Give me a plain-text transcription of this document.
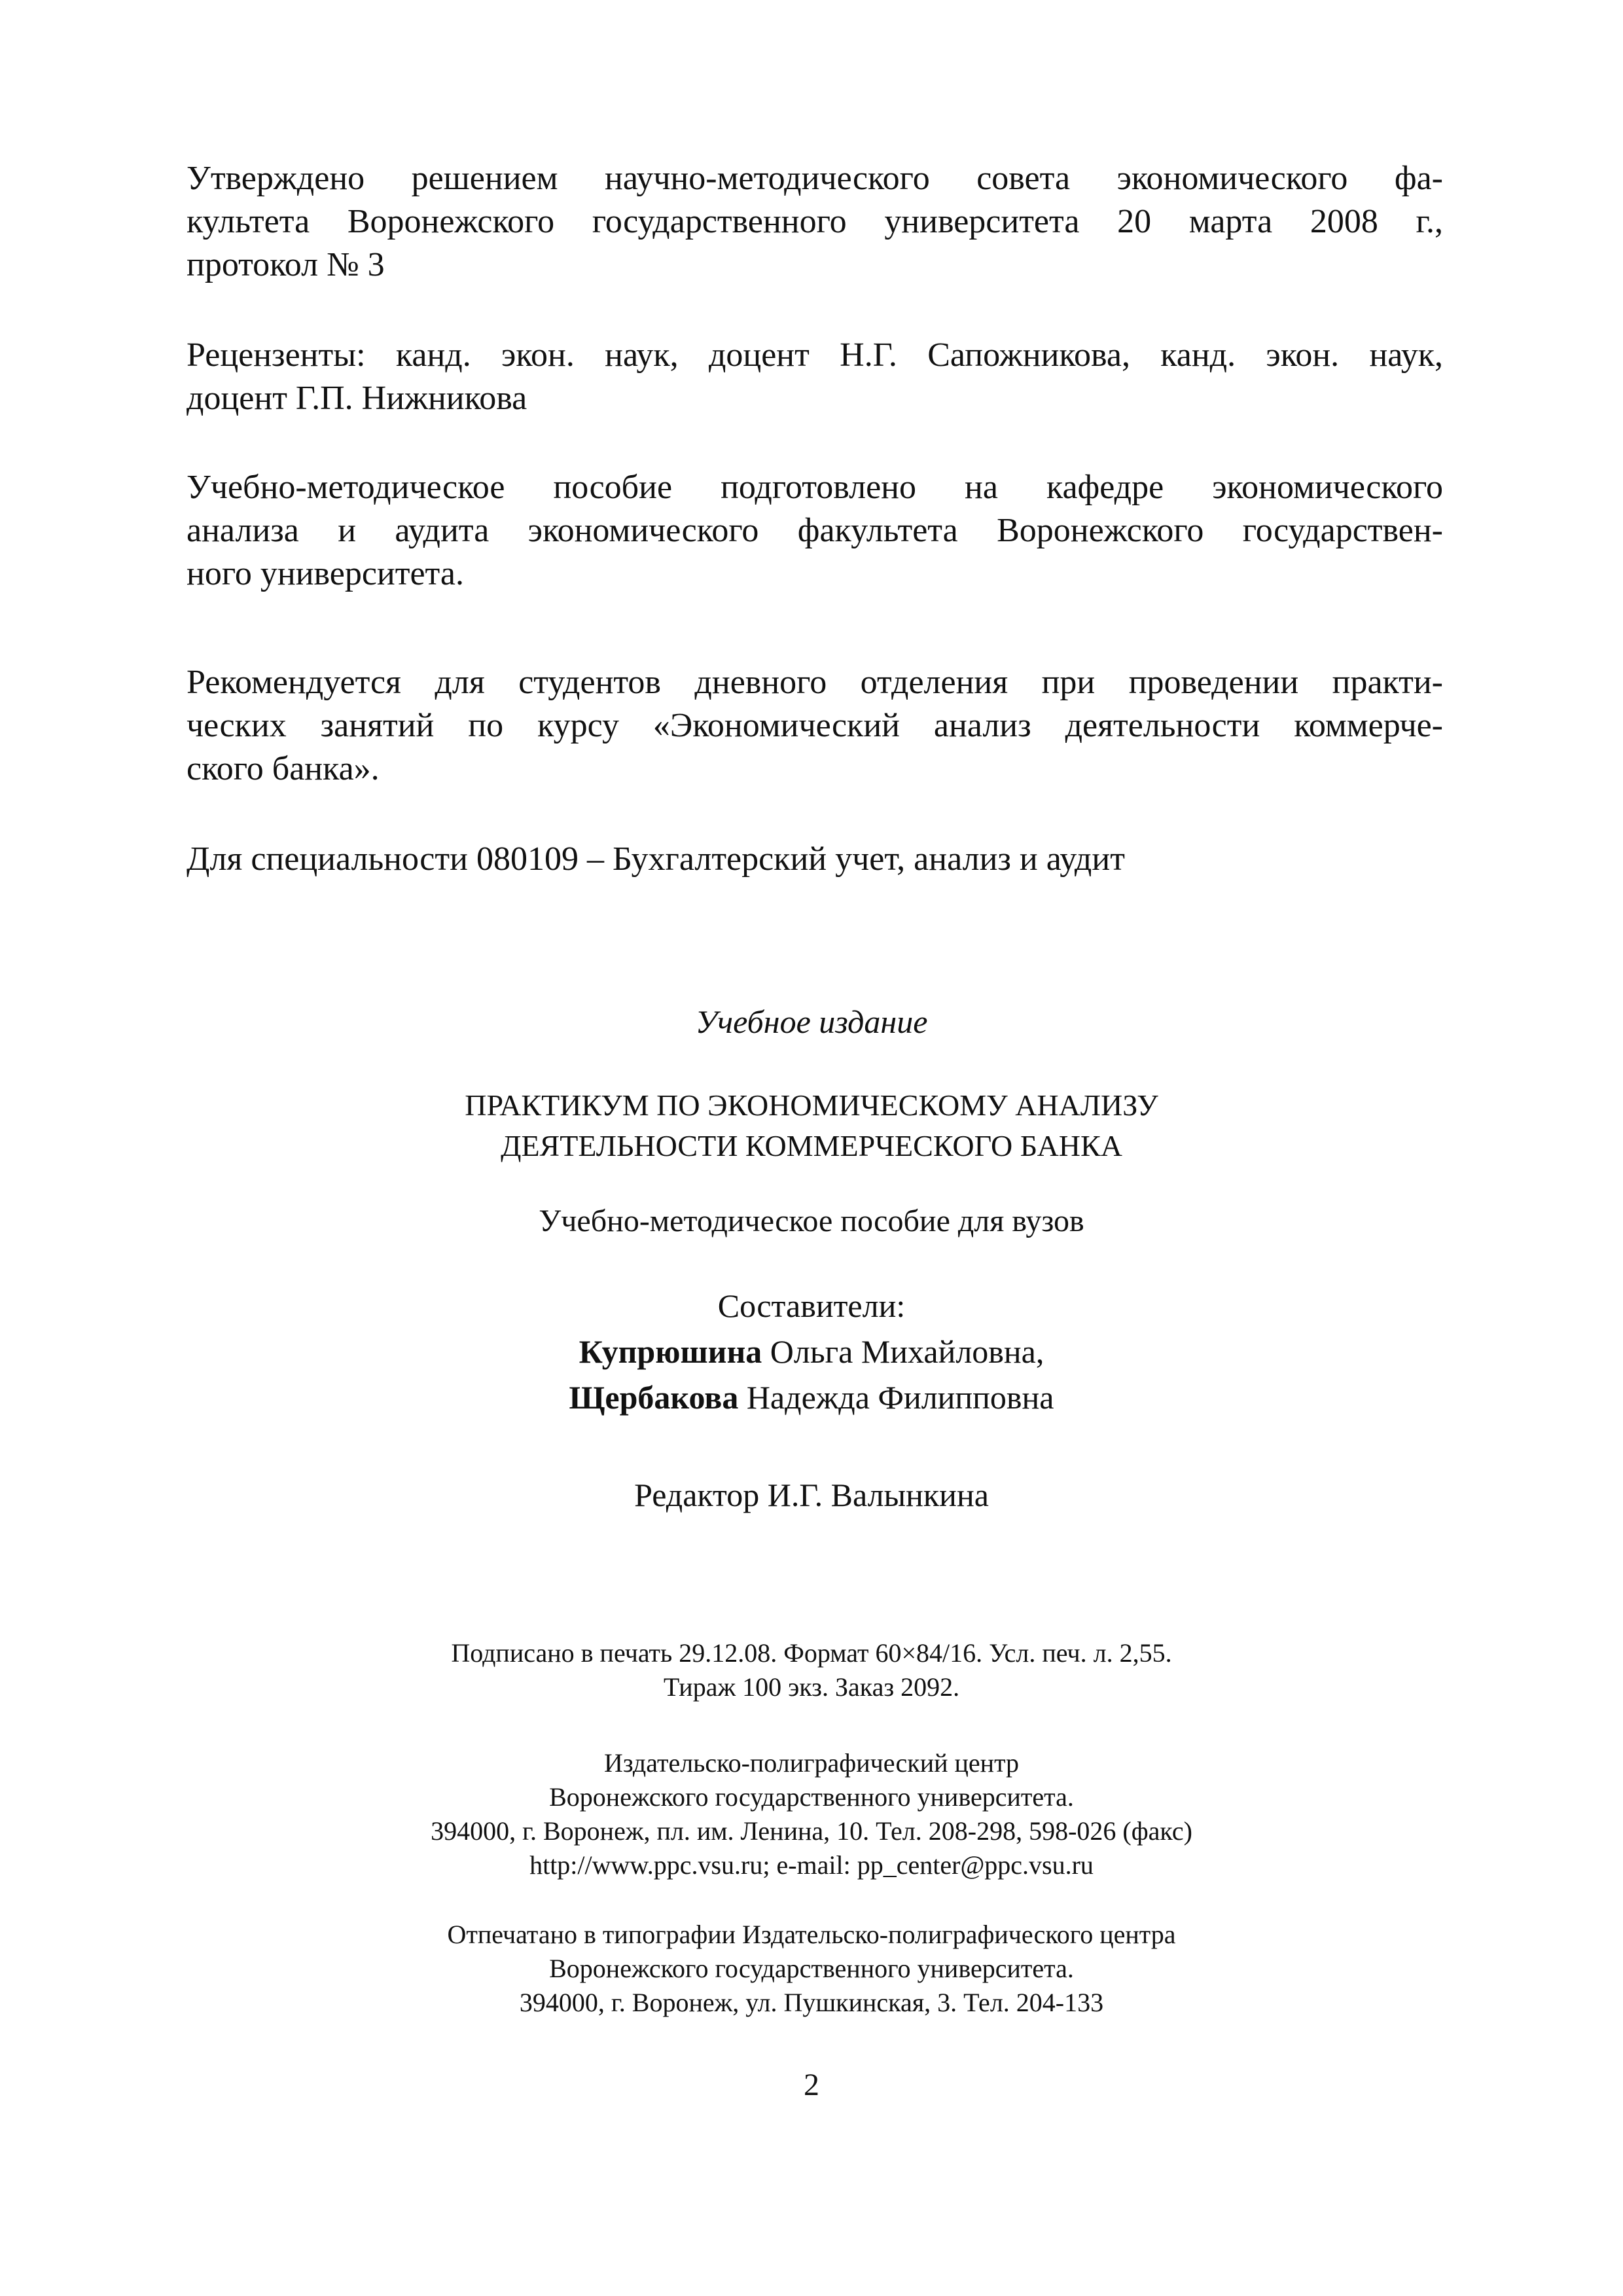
Утверждено решением научно-методического совета экономического фа-
культета Воронежского государственного университета 20 марта 2008 г.,
протокол № 3
Рецензенты: канд. экон. наук, доцент Н.Г. Сапожникова, канд. экон. наук,
доцент Г.П. Нижникова
Учебно-методическое пособие подготовлено на кафедре экономического
анализа и аудита экономического факультета Воронежского государствен-
ного университета.
Рекомендуется для студентов дневного отделения при проведении практи-
ческих занятий по курсу «Экономический анализ деятельности коммерче-
ского банка».
Для специальности 080109 – Бухгалтерский учет, анализ и аудит
Учебное издание
ПРАКТИКУМ ПО ЭКОНОМИЧЕСКОМУ АНАЛИЗУ
ДЕЯТЕЛЬНОСТИ КОММЕРЧЕСКОГО БАНКА
Учебно-методическое пособие для вузов
Составители:
Купрюшина Ольга Михайловна,
Щербакова Надежда Филипповна
Редактор И.Г. Валынкина
Подписано в печать 29.12.08. Формат 60×84/16. Усл. печ. л. 2,55.
Тираж 100 экз. Заказ 2092.
Издательско-полиграфический центр
Воронежского государственного университета.
394000, г. Воронеж, пл. им. Ленина, 10. Тел. 208-298, 598-026 (факс)
http://www.ppc.vsu.ru; e-mail: pp_center@ppc.vsu.ru
Отпечатано в типографии Издательско-полиграфического центра
Воронежского государственного университета.
394000, г. Воронеж, ул. Пушкинская, 3. Тел. 204-133
2
